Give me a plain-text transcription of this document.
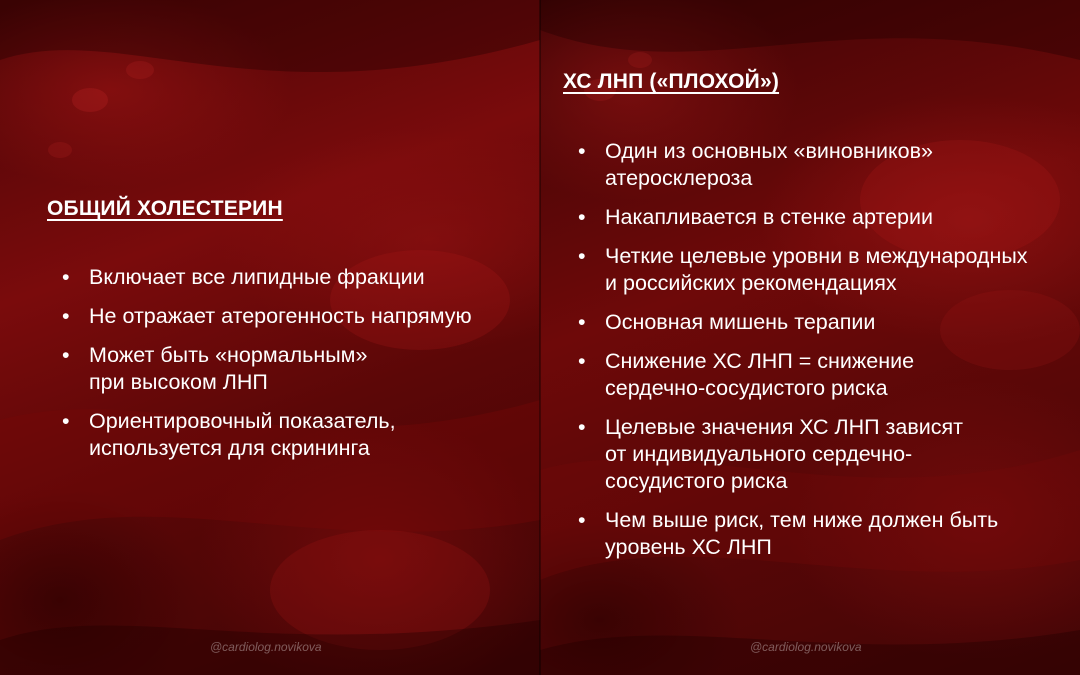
ОБЩИЙ ХОЛЕСТЕРИН
• Включает все липидные фракции
• Не отражает атерогенность напрямую
• Может быть «нормальным»
при высоком ЛНП
• Ориентировочный показатель,
используется для скрининга
@cardiolog.novikova
ХС ЛНП («ПЛОХОЙ»)
• Один из основных «виновников»
атеросклероза
• Накапливается в стенке артерии
• Четкие целевые уровни в международных
и российских рекомендациях
• Основная мишень терапии
• Снижение ХС ЛНП = снижение
сердечно-сосудистого риска
• Целевые значения ХС ЛНП зависят
от индивидуального сердечно-
сосудистого риска
• Чем выше риск, тем ниже должен быть
уровень ХС ЛНП
@cardiolog.novikova
